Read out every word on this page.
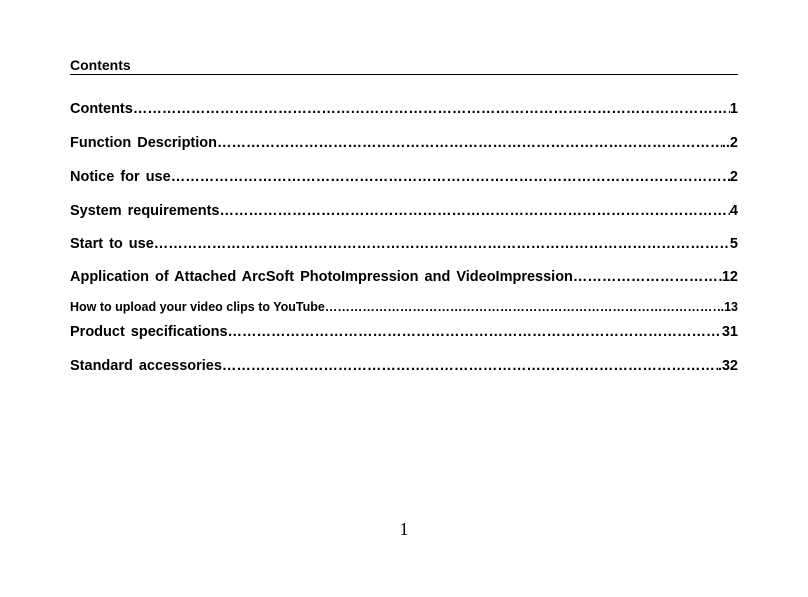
Contents
Contents …………………………………………………………………………………………………………………………………………………………………………………………………………………………………………	1
Function Description …………………………………………………………………………………………………………………………………………………………………………………………………………………………………………	..2
Notice for use …………………………………………………………………………………………………………………………………………………………………………………………………………………………………………	2
System requirements …………………………………………………………………………………………………………………………………………………………………………………………………………………………………………	4
Start to use …………………………………………………………………………………………………………………………………………………………………………………………………………………………………………	5
Application of Attached ArcSoft PhotoImpression and VideoImpression …………………………………………………………………………………………………………………………………………………………………………………………………………………………………………	12
How to upload your video clips to YouTube …………………………………………………………………………………………………………………………………………………………………………………………………………………………………………	..13
Product specifications …………………………………………………………………………………………………………………………………………………………………………………………………………………………………………	31
Standard accessories …………………………………………………………………………………………………………………………………………………………………………………………………………………………………………	.32
1
